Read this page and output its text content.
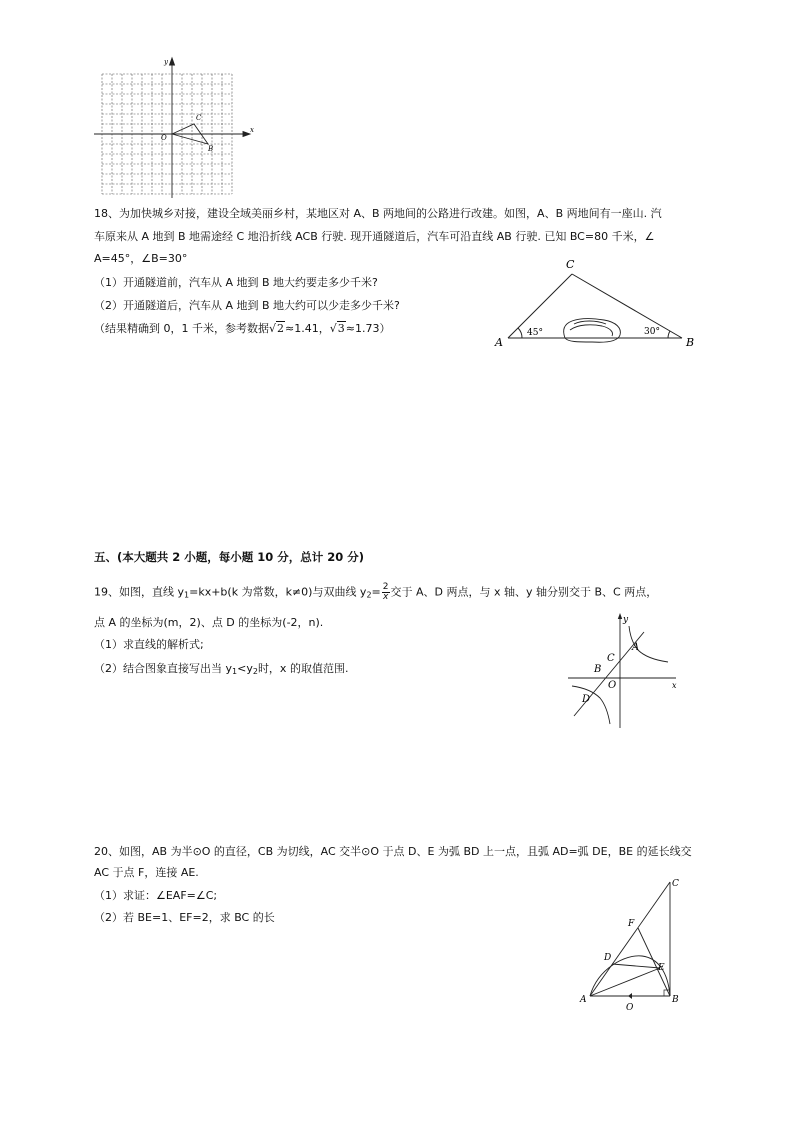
x
y
O
C
B
18、为加快城乡对接，建设全域美丽乡村，某地区对 A、B 两地间的公路进行改建。如图，A、B 两地间有一座山. 汽
车原来从 A 地到 B 地需途经 C 地沿折线 ACB 行驶. 现开通隧道后，汽车可沿直线 AB 行驶. 已知 BC=80 千米，∠
A=45°，∠B=30°
（1）开通隧道前，汽车从 A 地到 B 地大约要走多少千米?
（2）开通隧道后，汽车从 A 地到 B 地大约可以少走多少千米?
（结果精确到 0，1 千米，参考数据√2≈1.41，√3≈1.73）
A	B
C
45°	30°
五、(本大题共 2 小题，每小题 10 分，总计 20 分)
19、如图，直线 $y_1=kx+b(k$ 为常数，k≠0)与双曲线 $y_2= \frac{2}{x}$ 交于 A、D 两点，与 x 轴、y 轴分别交于 B、C 两点，
点 A 的坐标为(m，2)、点 D 的坐标为(-2，n).
（1）求直线的解析式;
（2）结合图象直接写出当 $y_1<y_2$时，x 的取值范围.
y
x
A
C
B
O
D
20、如图，AB 为半⊙O 的直径，CB 为切线，AC 交半⊙O 于点 D、E 为弧 BD 上一点，且弧 AD=弧 DE，BE 的延长线交
AC 于点 F，连接 AE.
（1）求证：∠EAF=∠C;
（2）若 BE=1、EF=2，求 BC 的长
A	B
C
D
E
F
O
